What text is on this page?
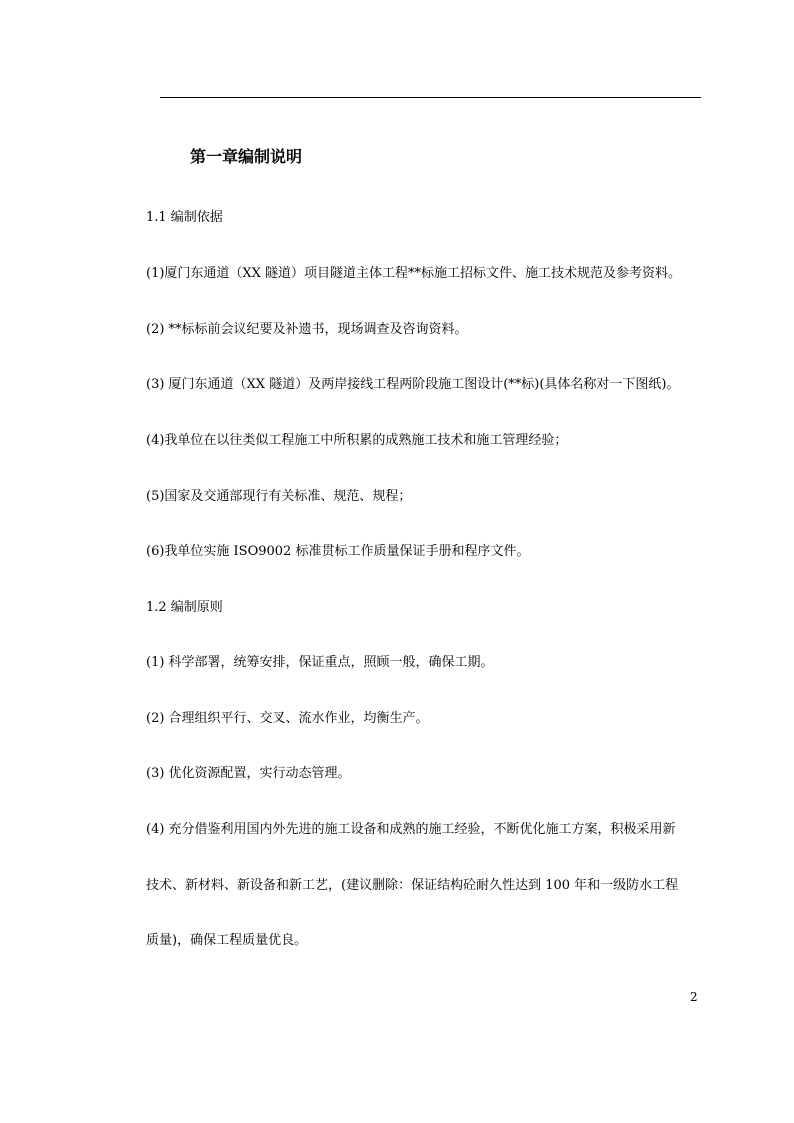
第一章编制说明
1.1 编制依据
(1)厦门东通道（XX 隧道）项目隧道主体工程**标施工招标文件、施工技术规范及参考资料。
(2) **标标前会议纪要及补遗书，现场调查及咨询资料。
(3) 厦门东通道（XX 隧道）及两岸接线工程两阶段施工图设计(**标)(具体名称对一下图纸)。
(4)我单位在以往类似工程施工中所积累的成熟施工技术和施工管理经验；
(5)国家及交通部现行有关标准、规范、规程；
(6)我单位实施 ISO9002 标准贯标工作质量保证手册和程序文件。
1.2 编制原则
(1) 科学部署，统筹安排，保证重点，照顾一般，确保工期。
(2) 合理组织平行、交叉、流水作业，均衡生产。
(3) 优化资源配置，实行动态管理。
(4) 充分借鉴利用国内外先进的施工设备和成熟的施工经验，不断优化施工方案，积极采用新
技术、新材料、新设备和新工艺，(建议删除：保证结构砼耐久性达到 100 年和一级防水工程
质量)，确保工程质量优良。
2
